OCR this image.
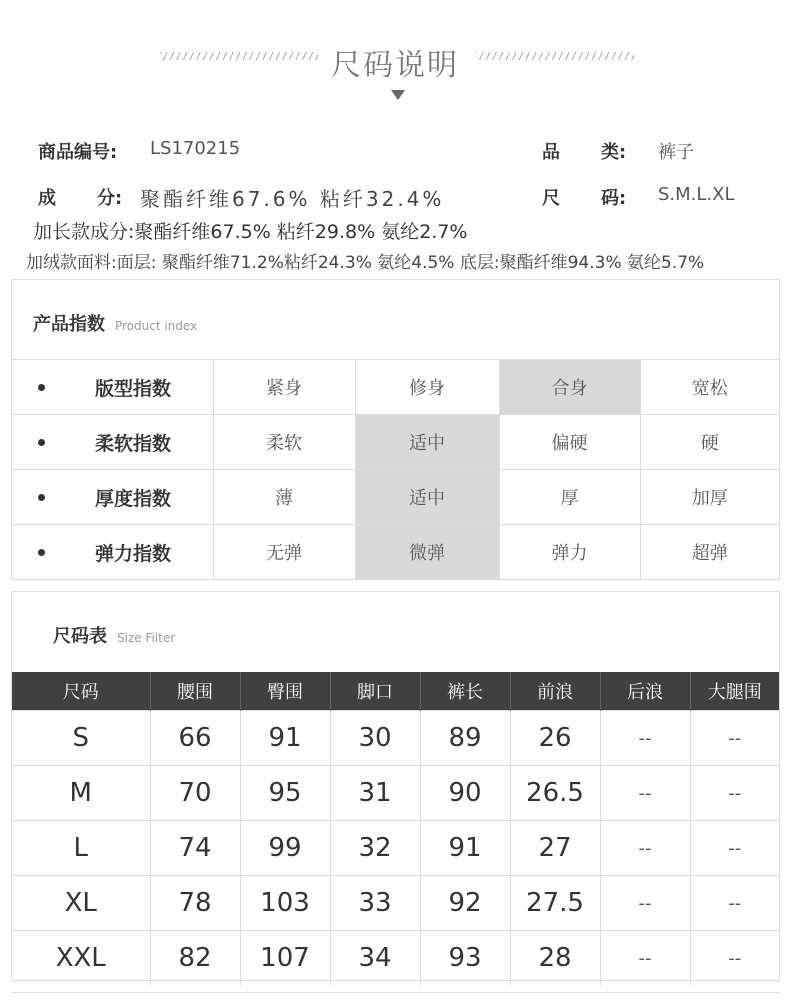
尺码说明
商品编号: LS170215	品 类: 裤子
成 分: 聚酯纤维67.6% 粘纤32.4%	尺 码: S.M.L.XL
加长款成分:聚酯纤维67.5% 粘纤29.8% 氨纶2.7%
加绒款面料:面层: 聚酯纤维71.2%粘纤24.3% 氨纶4.5% 底层:聚酯纤维94.3% 氨纶5.7%
产品指数 Product index
版型指数	紧身	修身	合身	宽松
柔软指数	柔软	适中	偏硬	硬
厚度指数	薄	适中	厚	加厚
弹力指数	无弹	微弹	弹力	超弹
尺码表 Size Filter
尺码	腰围	臀围	脚口	裤长	前浪	后浪	大腿围
S	66	91	30	89	26	--	--
M	70	95	31	90	26.5	--	--
L	74	99	32	91	27	--	--
XL	78	103	33	92	27.5	--	--
XXL	82	107	34	93	28	--	--
